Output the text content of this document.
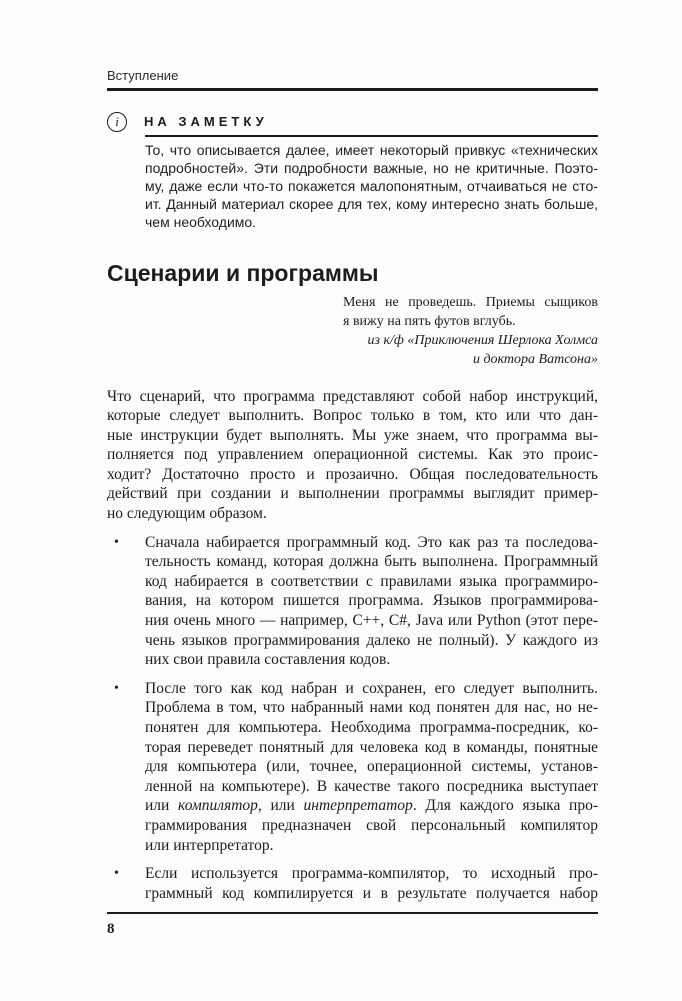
Вступление
i	НА ЗАМЕТКУ
То, что описывается далее, имеет некоторый привкус «технических
подробностей». Эти подробности важные, но не критичные. Поэто-
му, даже если что-то покажется малопонятным, отчаиваться не сто-
ит. Данный материал скорее для тех, кому интересно знать больше,
чем необходимо.
Сценарии и программы
Меня не проведешь. Приемы сыщиков
я вижу на пять футов вглубь.
из к/ф «Приключения Шерлока Холмса
и доктора Ватсона»
Что сценарий, что программа представляют собой набор инструкций,
которые следует выполнить. Вопрос только в том, кто или что дан-
ные инструкции будет выполнять. Мы уже знаем, что программа вы-
полняется под управлением операционной системы. Как это проис-
ходит? Достаточно просто и прозаично. Общая последовательность
действий при создании и выполнении программы выглядит пример-
но следующим образом.
•	Сначала набирается программный код. Это как раз та последова-
тельность команд, которая должна быть выполнена. Программный
код набирается в соответствии с правилами языка программиро-
вания, на котором пишется программа. Языков программирова-
ния очень много — например, C++, C#, Java или Python (этот пере-
чень языков программирования далеко не полный). У каждого из
них свои правила составления кодов.
•	После того как код набран и сохранен, его следует выполнить.
Проблема в том, что набранный нами код понятен для нас, но не-
понятен для компьютера. Необходима программа-посредник, ко-
торая переведет понятный для человека код в команды, понятные
для компьютера (или, точнее, операционной системы, установ-
ленной на компьютере). В качестве такого посредника выступает
или компилятор, или интерпретатор. Для каждого языка про-
граммирования предназначен свой персональный компилятор
или интерпретатор.
•	Если используется программа-компилятор, то исходный про-
граммный код компилируется и в результате получается набор
8
